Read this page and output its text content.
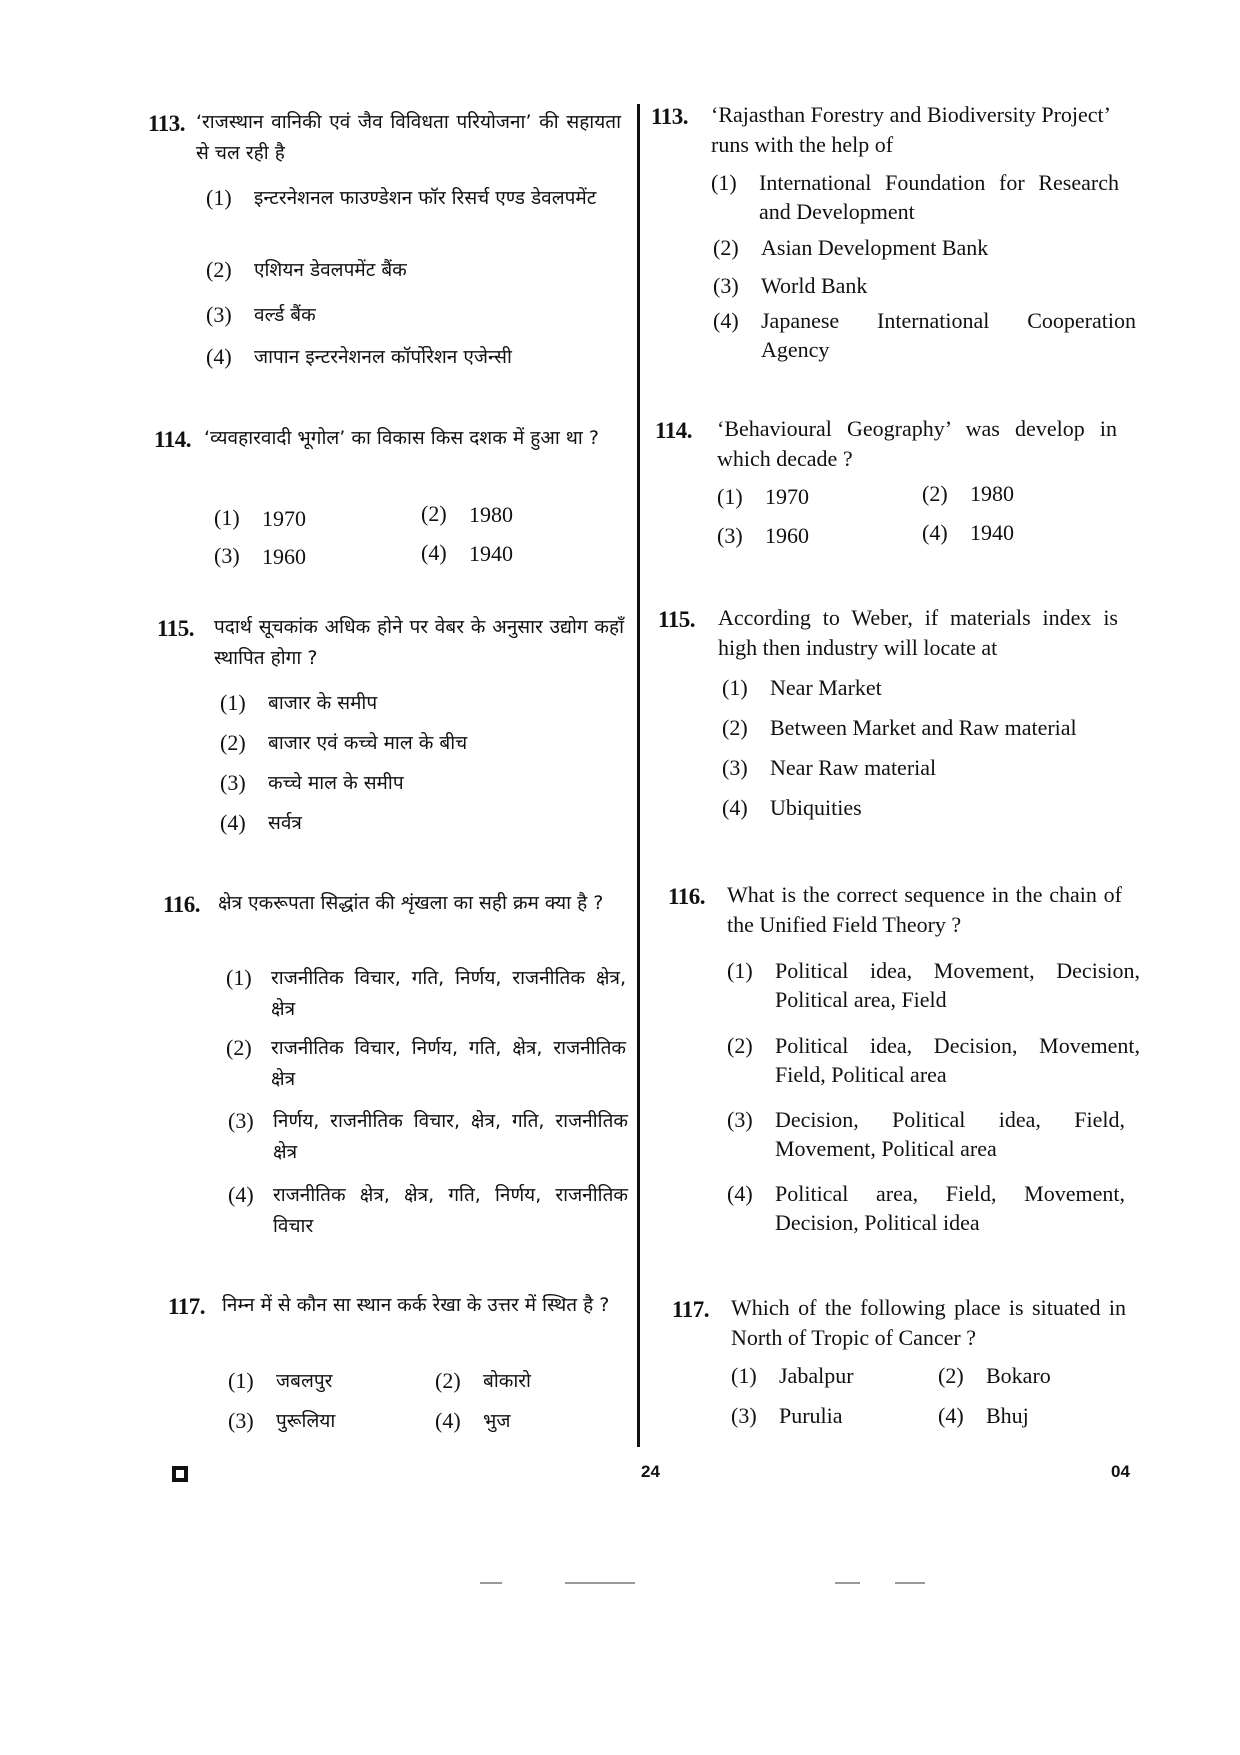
113. ‘राजस्थान वानिकी एवं जैव विविधता परियोजना’ की सहायता से चल रही है
(1) इन्टरनेशनल फाउण्डेशन फॉर रिसर्च एण्ड डेवलपमेंट
(2) एशियन डेवलपमेंट बैंक
(3) वर्ल्ड बैंक
(4) जापान इन्टरनेशनल कॉर्पोरेशन एजेन्सी
114. ‘व्यवहारवादी भूगोल’ का विकास किस दशक में हुआ था ?
(1) 1970	(2) 1980
(3) 1960	(4) 1940
115. पदार्थ सूचकांक अधिक होने पर वेबर के अनुसार उद्योग कहाँ स्थापित होगा ?
(1) बाजार के समीप
(2) बाजार एवं कच्चे माल के बीच
(3) कच्चे माल के समीप
(4) सर्वत्र
116. क्षेत्र एकरूपता सिद्धांत की शृंखला का सही क्रम क्या है ?
(1) राजनीतिक विचार, गति, निर्णय, राजनीतिक क्षेत्र, क्षेत्र
(2) राजनीतिक विचार, निर्णय, गति, क्षेत्र, राजनीतिक क्षेत्र
(3) निर्णय, राजनीतिक विचार, क्षेत्र, गति, राजनीतिक क्षेत्र
(4) राजनीतिक क्षेत्र, क्षेत्र, गति, निर्णय, राजनीतिक विचार
117. निम्न में से कौन सा स्थान कर्क रेखा के उत्तर में स्थित है ?
(1) जबलपुर	(2) बोकारो
(3) पुरूलिया	(4) भुज
113. ‘Rajasthan Forestry and Biodiversity Project’ runs with the help of
(1) International Foundation for Research and Development
(2) Asian Development Bank
(3) World Bank
(4) Japanese International Cooperation Agency
114. ‘Behavioural Geography’ was develop in which decade ?
(1) 1970	(2) 1980
(3) 1960	(4) 1940
115. According to Weber, if materials index is high then industry will locate at
(1) Near Market
(2) Between Market and Raw material
(3) Near Raw material
(4) Ubiquities
116. What is the correct sequence in the chain of the Unified Field Theory ?
(1) Political idea, Movement, Decision, Political area, Field
(2) Political idea, Decision, Movement, Field, Political area
(3) Decision, Political idea, Field, Movement, Political area
(4) Political area, Field, Movement, Decision, Political idea
117. Which of the following place is situated in North of Tropic of Cancer ?
(1) Jabalpur	(2) Bokaro
(3) Purulia	(4) Bhuj
24	04
